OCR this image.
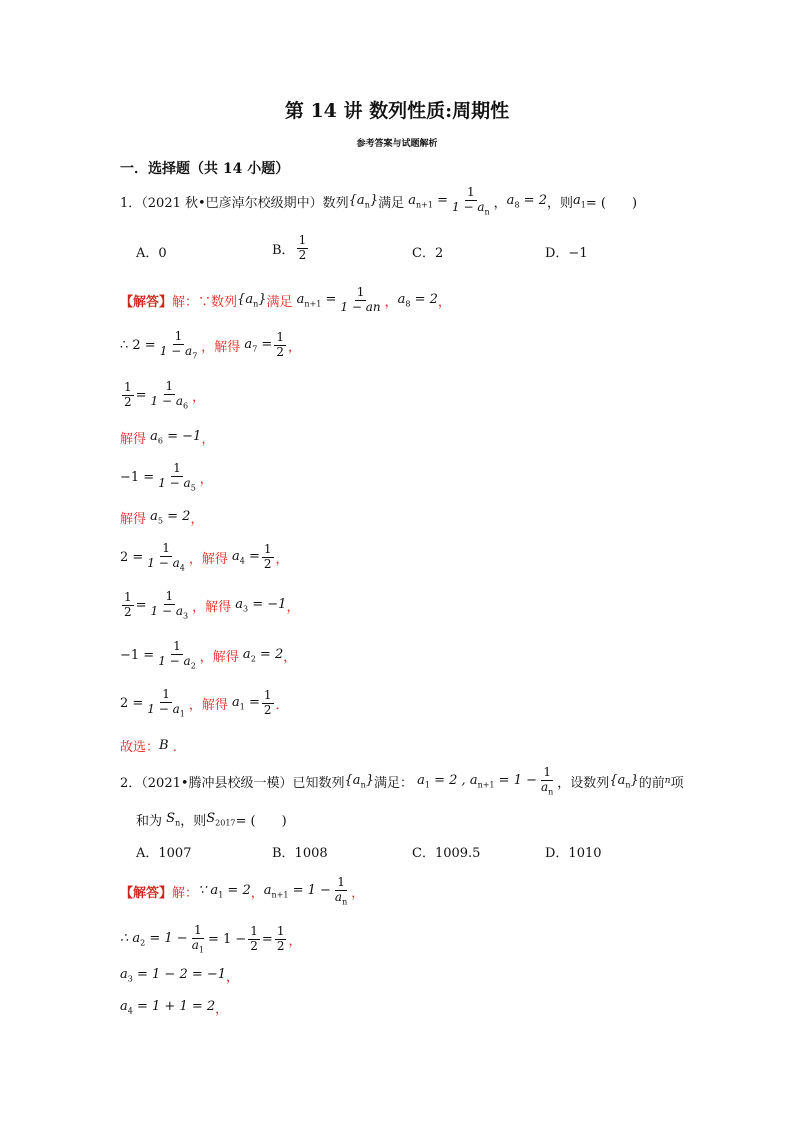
第 14 讲 数列性质:周期性
参考答案与试题解析
一．选择题（共 14 小题）
1．（2021 秋•巴彦淖尔校级期中）数列 $\{a_n\}$ 满足 $a_{n+1} = \frac{1}{1 - a_n}$ ， $a_8 = 2$ ，则 $a_1$ = (　　)
A．0	B．
1
2	C．2	D．−1
【解答】 解： ∵数列 $\{a_n\}$ 满足 $a_{n+1} = \frac{1}{1 - an}$ ， $a_8 = 2$ ，
∴ $2 = \frac{1}{1 - a_7}$ ，解得 $a_7 = \frac{1}{2}$ ，
$\frac{1}{2} = \frac{1}{1 - a_6}$ ，
解得 $a_6 = -1$ ，
$-1 = \frac{1}{1 - a_5}$ ，
解得 $a_5 = 2$ ，
$2 = \frac{1}{1 - a_4}$ ，解得 $a_4 = \frac{1}{2}$ ，
$\frac{1}{2} = \frac{1}{1 - a_3}$ ，解得 $a_3 = -1$ ，
$-1 = \frac{1}{1 - a_2}$ ，解得 $a_2 = 2$ ，
$2 = \frac{1}{1 - a_1}$ ，解得 $a_1 = \frac{1}{2}$ ．
故选： B ．
2．（2021•腾冲县校级一模）已知数列 $\{a_n\}$ 满足： $a_1 = 2$ , $a_{n+1} = 1 - \frac{1}{a_n}$ ，设数列 $\{a_n\}$ 的前 n 项
和为 $S_n$ ，则 $S_{2017}$ = (　　)
A．1007	B．1008	C．1009.5	D．1010
【解答】 解： ∵ $a_1 = 2$ ， $a_{n+1} = 1 - \frac{1}{a_n}$ ，
∴ $a_2 = 1 - \frac{1}{a_1} = 1 - \frac{1}{2} = \frac{1}{2}$ ，
$a_3 = 1 - 2 = -1$ ，
$a_4 = 1 + 1 = 2$ ，
